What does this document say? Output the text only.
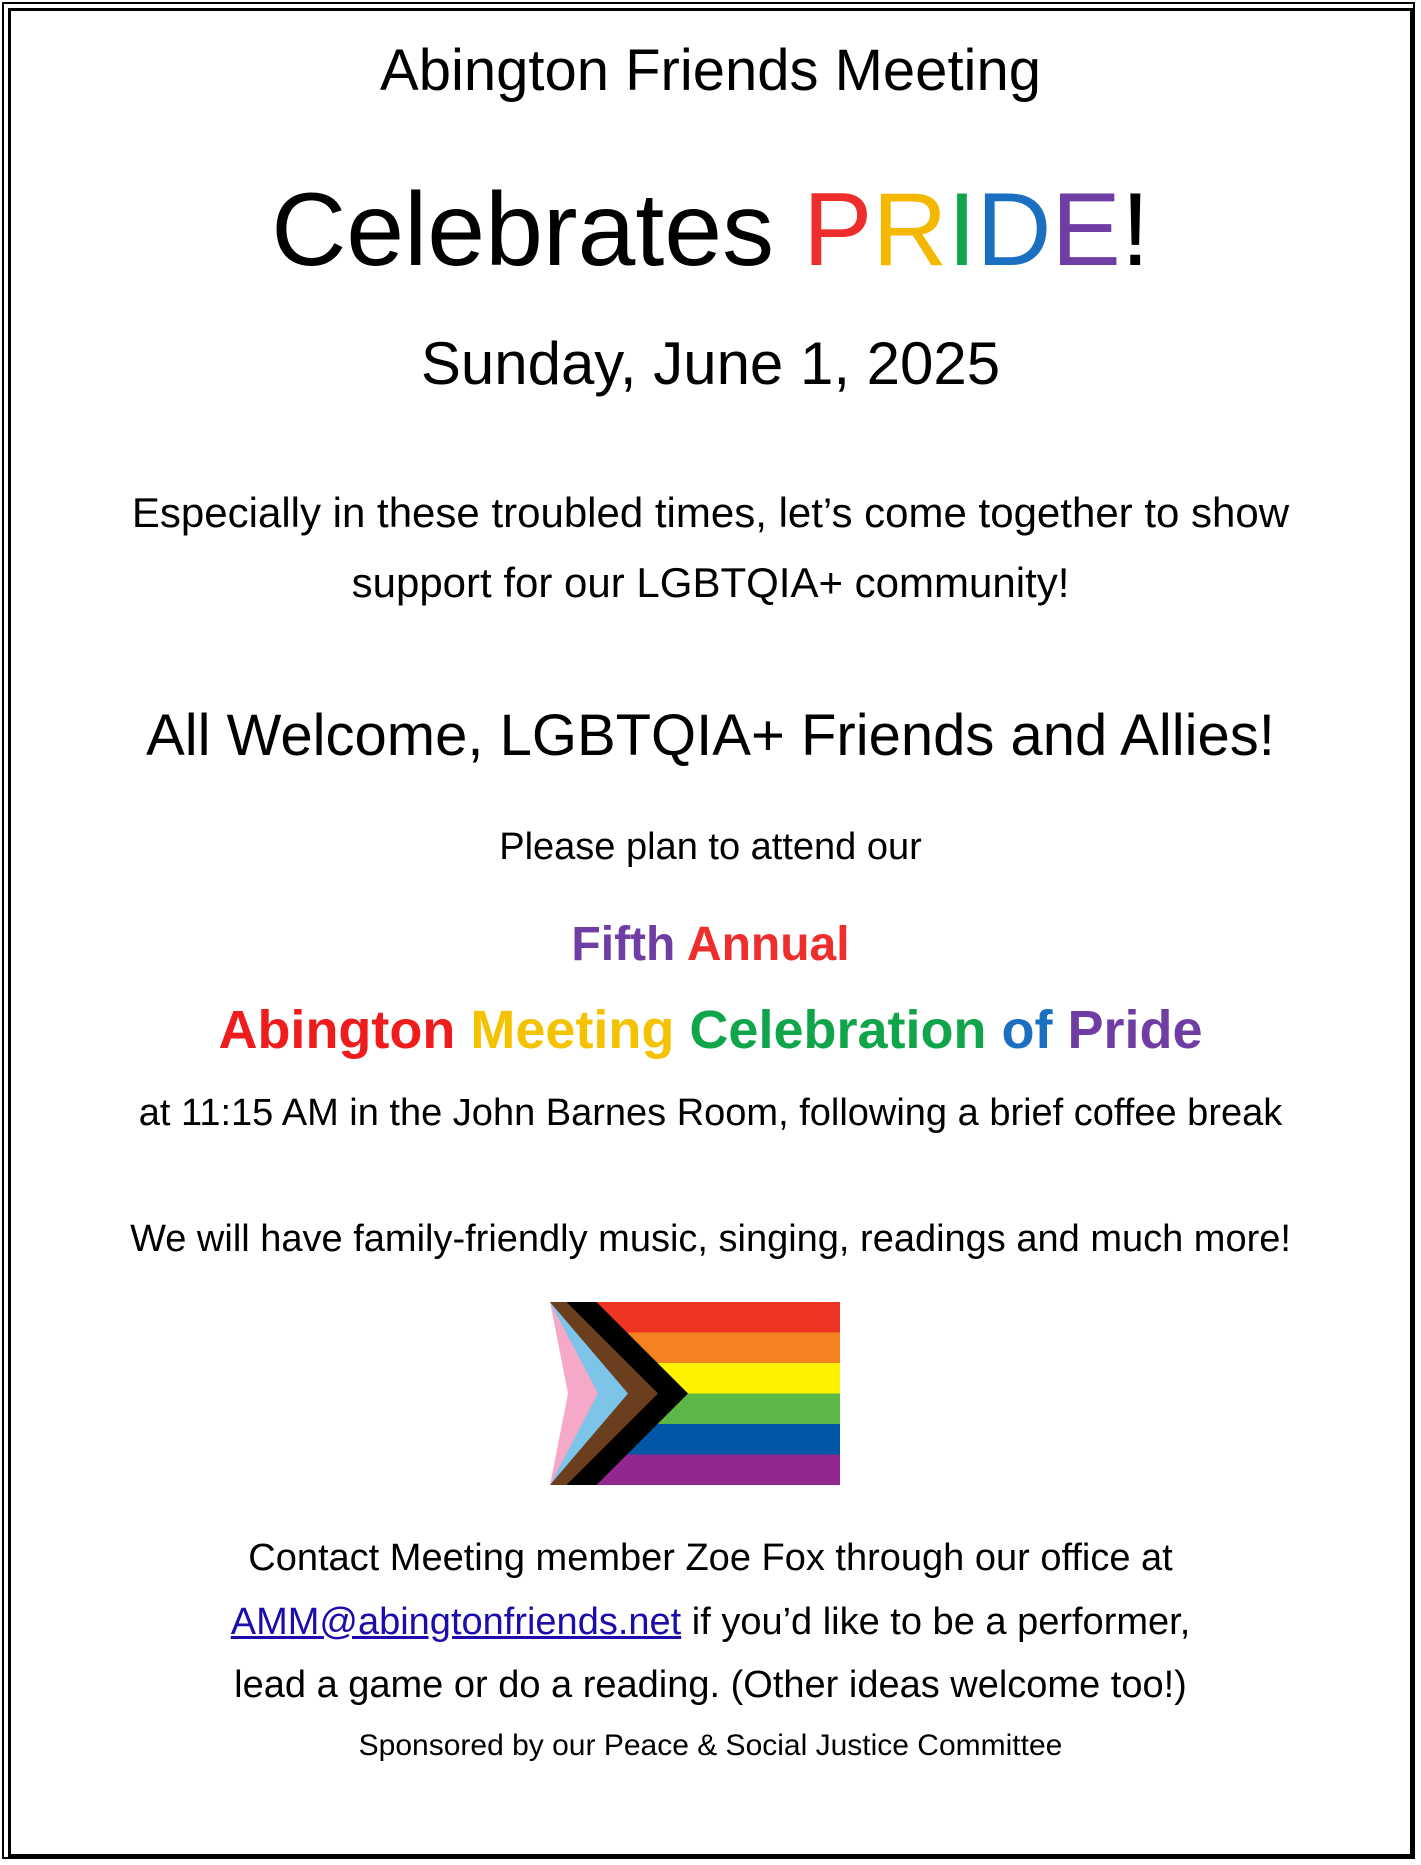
Abington Friends Meeting
Celebrates PRIDE!
Sunday, June 1, 2025
Especially in these troubled times, let’s come together to show
support for our LGBTQIA+ community!
All Welcome, LGBTQIA+ Friends and Allies!
Please plan to attend our
Fifth Annual
Abington Meeting Celebration of Pride
at 11:15 AM in the John Barnes Room, following a brief coffee break
We will have family-friendly music, singing, readings and much more!
Contact Meeting member Zoe Fox through our office at
AMM@abingtonfriends.net if you’d like to be a performer,
lead a game or do a reading. (Other ideas welcome too!)
Sponsored by our Peace & Social Justice Committee
